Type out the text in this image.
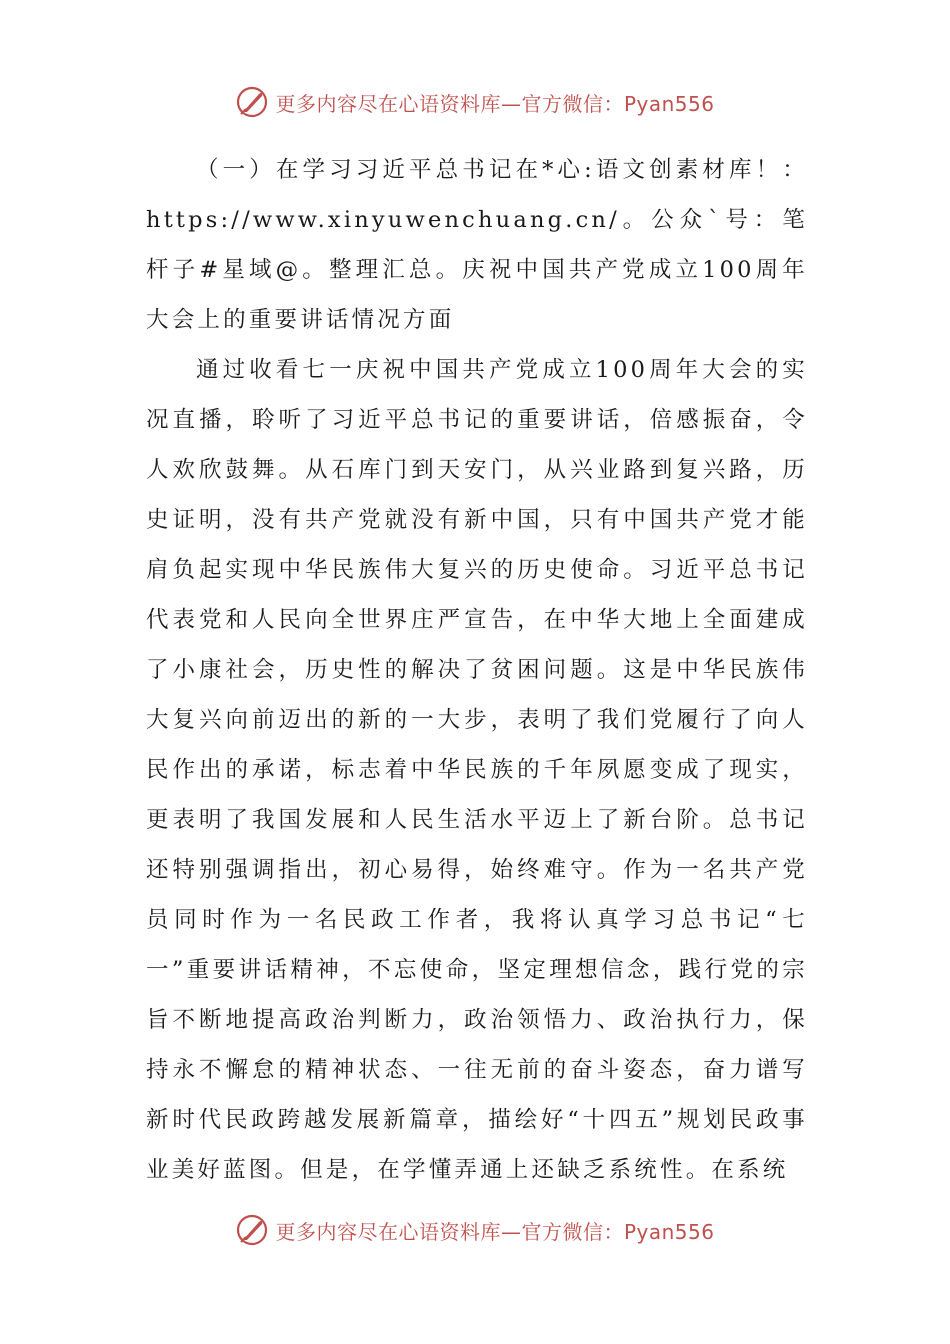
更多内容尽在心语资料库—官方微信：Pyan556

（一）在学习习近平总书记在*心:语文创素材库！：https://www.xinyuwenchuang.cn/。公众`号：笔杆子#星域@。整理汇总。庆祝中国共产党成立100周年大会上的重要讲话情况方面

通过收看七一庆祝中国共产党成立100周年大会的实况直播，聆听了习近平总书记的重要讲话，倍感振奋，令人欢欣鼓舞。从石库门到天安门，从兴业路到复兴路，历史证明，没有共产党就没有新中国，只有中国共产党才能肩负起实现中华民族伟大复兴的历史使命。习近平总书记代表党和人民向全世界庄严宣告，在中华大地上全面建成了小康社会，历史性的解决了贫困问题。这是中华民族伟大复兴向前迈出的新的一大步，表明了我们党履行了向人民作出的承诺，标志着中华民族的千年夙愿变成了现实，更表明了我国发展和人民生活水平迈上了新台阶。总书记还特别强调指出，初心易得，始终难守。作为一名共产党员同时作为一名民政工作者，我将认真学习总书记“七一”重要讲话精神，不忘使命，坚定理想信念，践行党的宗旨不断地提高政治判断力，政治领悟力、政治执行力，保持永不懈怠的精神状态、一往无前的奋斗姿态，奋力谱写新时代民政跨越发展新篇章，描绘好“十四五”规划民政事业美好蓝图。但是，在学懂弄通上还缺乏系统性。在系统

更多内容尽在心语资料库—官方微信：Pyan556
